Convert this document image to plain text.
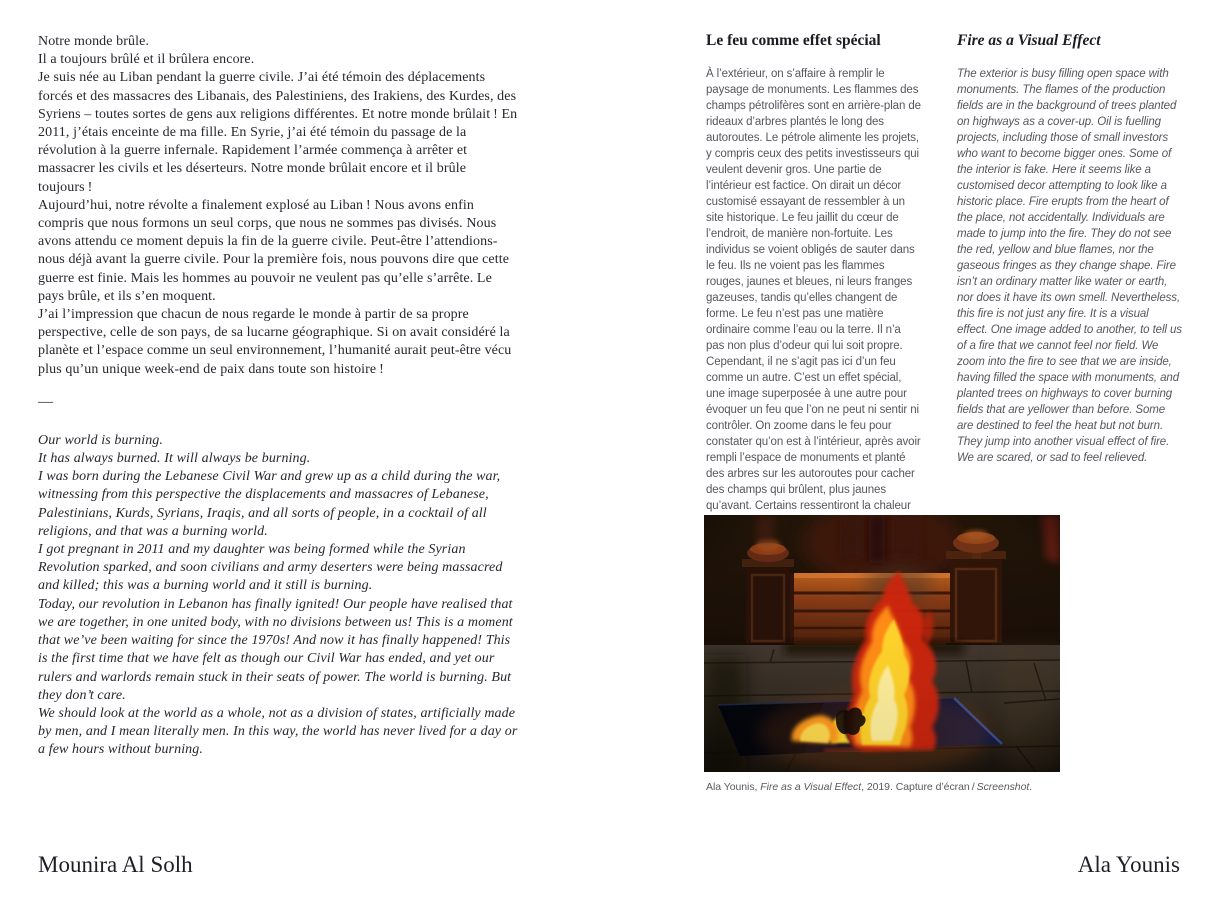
Notre monde brûle.

Il a toujours brûlé et il brûlera encore.

Je suis née au Liban pendant la guerre civile. J’ai été témoin des déplacements forcés et des massacres des Libanais, des Palestiniens, des Irakiens, des Kurdes, des Syriens – toutes sortes de gens aux religions différentes. Et notre monde brûlait ! En 2011, j’étais enceinte de ma fille. En Syrie, j’ai été témoin du passage de la révolution à la guerre infernale. Rapidement l’armée commença à arrêter et massacrer les civils et les déserteurs. Notre monde brûlait encore et il brûle toujours !

Aujourd’hui, notre révolte a finalement explosé au Liban ! Nous avons enfin compris que nous formons un seul corps, que nous ne sommes pas divisés. Nous avons attendu ce moment depuis la fin de la guerre civile. Peut-être l’attendions-nous déjà avant la guerre civile. Pour la première fois, nous pouvons dire que cette guerre est finie. Mais les hommes au pouvoir ne veulent pas qu’elle s’arrête. Le pays brûle, et ils s’en moquent.

J’ai l’impression que chacun de nous regarde le monde à partir de sa propre perspective, celle de son pays, de sa lucarne géographique. Si on avait considéré la planète et l’espace comme un seul environnement, l’humanité aurait peut-être vécu plus qu’un unique week-end de paix dans toute son histoire !

—

Our world is burning.

It has always burned. It will always be burning.

I was born during the Lebanese Civil War and grew up as a child during the war, witnessing from this perspective the displacements and massacres of Lebanese, Palestinians, Kurds, Syrians, Iraqis, and all sorts of people, in a cocktail of all religions, and that was a burning world.

I got pregnant in 2011 and my daughter was being formed while the Syrian Revolution sparked, and soon civilians and army deserters were being massacred and killed; this was a burning world and it still is burning.

Today, our revolution in Lebanon has finally ignited! Our people have realised that we are together, in one united body, with no divisions between us! This is a moment that we’ve been waiting for since the 1970s! And now it has finally happened! This is the first time that we have felt as though our Civil War has ended, and yet our rulers and warlords remain stuck in their seats of power. The world is burning. But they don’t care.

We should look at the world as a whole, not as a division of states, artificially made by men, and I mean literally men. In this way, the world has never lived for a day or a few hours without burning.

Mounira Al Solh
Le feu comme effet spécial

À l’extérieur, on s’affaire à remplir le paysage de monuments. Les flammes des champs pétrolifères sont en arrière-plan de rideaux d’arbres plantés le long des autoroutes. Le pétrole alimente les projets, y compris ceux des petits investisseurs qui veulent devenir gros. Une partie de l’intérieur est factice. On dirait un décor customisé essayant de ressembler à un site historique. Le feu jaillit du cœur de l’endroit, de manière non-fortuite. Les individus se voient obligés de sauter dans le feu. Ils ne voient pas les flammes rouges, jaunes et bleues, ni leurs franges gazeuses, tandis qu’elles changent de forme. Le feu n’est pas une matière ordinaire comme l’eau ou la terre. Il n’a pas non plus d’odeur qui lui soit propre. Cependant, il ne s’agit pas ici d’un feu comme un autre. C’est un effet spécial, une image superposée à une autre pour évoquer un feu que l’on ne peut ni sentir ni contrôler. On zoome dans le feu pour constater qu’on est à l’intérieur, après avoir rempli l’espace de monuments et planté des arbres sur les autoroutes pour cacher des champs qui brûlent, plus jaunes qu’avant. Certains ressentiront la chaleur

Fire as a Visual Effect

The exterior is busy filling open space with monuments. The flames of the production fields are in the background of trees planted on highways as a cover-up. Oil is fuelling projects, including those of small investors who want to become bigger ones. Some of the interior is fake. Here it seems like a customised decor attempting to look like a historic place. Fire erupts from the heart of the place, not accidentally. Individuals are made to jump into the fire. They do not see the red, yellow and blue flames, nor the gaseous fringes as they change shape. Fire isn’t an ordinary matter like water or earth, nor does it have its own smell. Nevertheless, this fire is not just any fire. It is a visual effect. One image added to another, to tell us of a fire that we cannot feel nor field. We zoom into the fire to see that we are inside, having filled the space with monuments, and planted trees on highways to cover burning fields that are yellower than before. Some are destined to feel the heat but not burn. They jump into another visual effect of fire. We are scared, or sad to feel relieved.

Ala Younis, Fire as a Visual Effect, 2019. Capture d’écran / Screenshot.
Ala Younis
